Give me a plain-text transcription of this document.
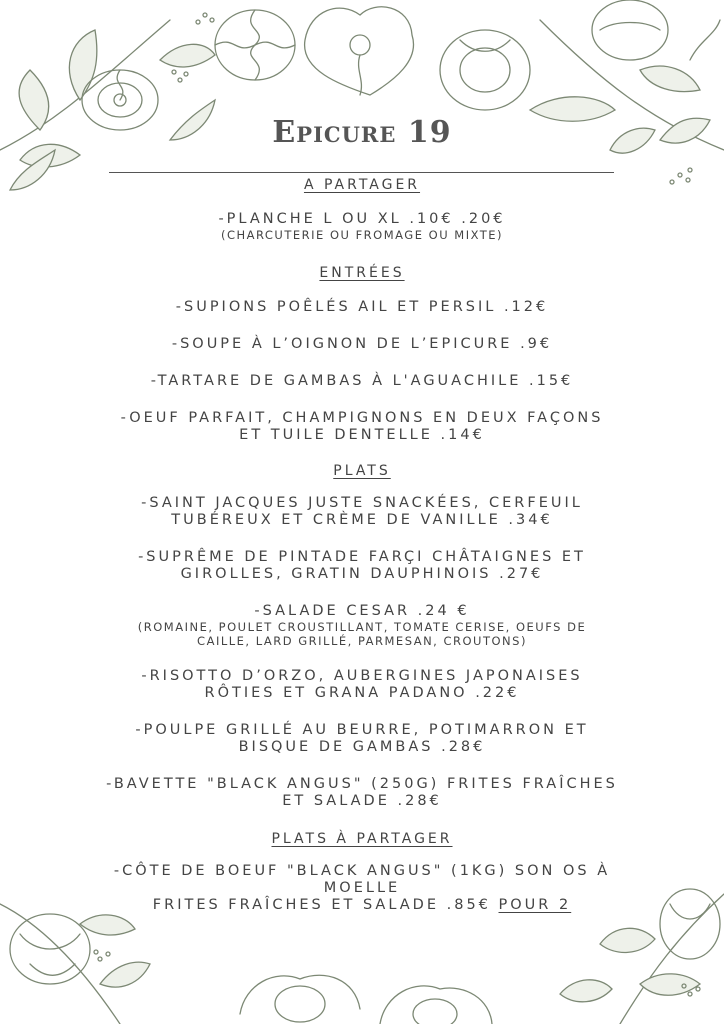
Epicure 19
A PARTAGER
-PLANCHE L OU XL .10€ .20€
(CHARCUTERIE OU FROMAGE OU MIXTE)
ENTRÉES
-SUPIONS POÊLÉS AIL ET PERSIL .12€
-SOUPE À L’OIGNON DE L’EPICURE .9€
-TARTARE DE GAMBAS À L'AGUACHILE .15€
-OEUF PARFAIT, CHAMPIGNONS EN DEUX FAÇONS
ET TUILE DENTELLE .14€
PLATS
-SAINT JACQUES JUSTE SNACKÉES, CERFEUIL
TUBÉREUX ET CRÈME DE VANILLE .34€
-SUPRÊME DE PINTADE FARÇI CHÂTAIGNES ET
GIROLLES, GRATIN DAUPHINOIS .27€
-SALADE CESAR .24 €
(ROMAINE, POULET CROUSTILLANT, TOMATE CERISE, OEUFS DE
CAILLE, LARD GRILLÉ, PARMESAN, CROUTONS)
-RISOTTO D’ORZO, AUBERGINES JAPONAISES
RÔTIES ET GRANA PADANO .22€
-POULPE GRILLÉ AU BEURRE, POTIMARRON ET
BISQUE DE GAMBAS .28€
-BAVETTE "BLACK ANGUS" (250G) FRITES FRAÎCHES
ET SALADE .28€
PLATS À PARTAGER
-CÔTE DE BOEUF "BLACK ANGUS" (1KG) SON OS À
MOELLE
FRITES FRAÎCHES ET SALADE .85€ POUR 2
